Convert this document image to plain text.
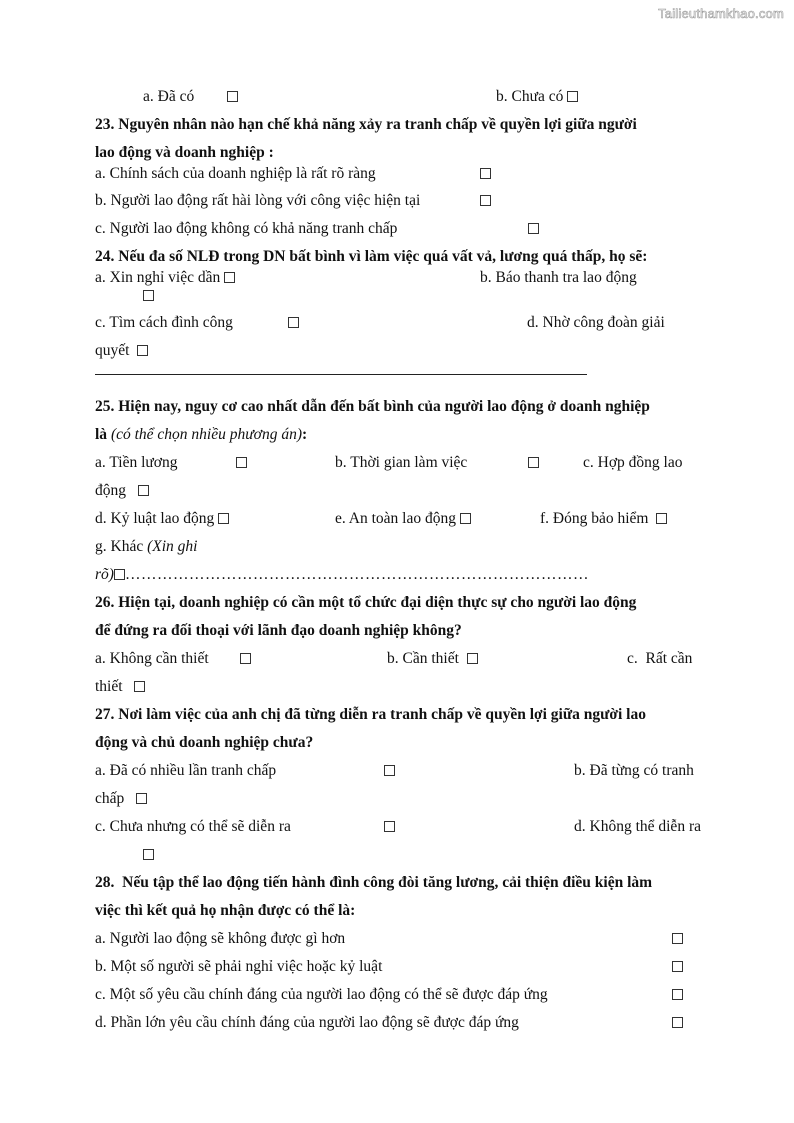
Tailieuthamkhao.com
a. Đã có	b. Chưa có
23. Nguyên nhân nào hạn chế khả năng xảy ra tranh chấp về quyền lợi giữa người
lao động và doanh nghiệp :
a. Chính sách của doanh nghiệp là rất rõ ràng
b. Người lao động rất hài lòng với công việc hiện tại
c. Người lao động không có khả năng tranh chấp
24. Nếu đa số NLĐ trong DN bất bình vì làm việc quá vất vả, lương quá thấp, họ sẽ:
a. Xin nghỉ việc dần	b. Báo thanh tra lao động
c. Tìm cách đình công	d. Nhờ công đoàn giải
quyết
25. Hiện nay, nguy cơ cao nhất dẫn đến bất bình của người lao động ở doanh nghiệp
là (có thể chọn nhiều phương án):
a. Tiền lương	b. Thời gian làm việc	c. Hợp đồng lao
động
d. Kỷ luật lao động	e. An toàn lao động	f. Đóng bảo hiểm
g. Khác (Xin ghi
rõ) ……………………………………………………………………………
26. Hiện tại, doanh nghiệp có cần một tổ chức đại diện thực sự cho người lao động
để đứng ra đối thoại với lãnh đạo doanh nghiệp không?
a. Không cần thiết	b. Cần thiết	c.  Rất cần
thiết
27. Nơi làm việc của anh chị đã từng diễn ra tranh chấp về quyền lợi giữa người lao
động và chủ doanh nghiệp chưa?
a. Đã có nhiều lần tranh chấp	b. Đã từng có tranh
chấp
c. Chưa nhưng có thể sẽ diễn ra	d. Không thể diễn ra
28.  Nếu tập thể lao động tiến hành đình công đòi tăng lương, cải thiện điều kiện làm
việc thì kết quả họ nhận được có thể là:
a. Người lao động sẽ không được gì hơn
b. Một số người sẽ phải nghỉ việc hoặc kỷ luật
c. Một số yêu cầu chính đáng của người lao động có thể sẽ được đáp ứng
d. Phần lớn yêu cầu chính đáng của người lao động sẽ được đáp ứng
